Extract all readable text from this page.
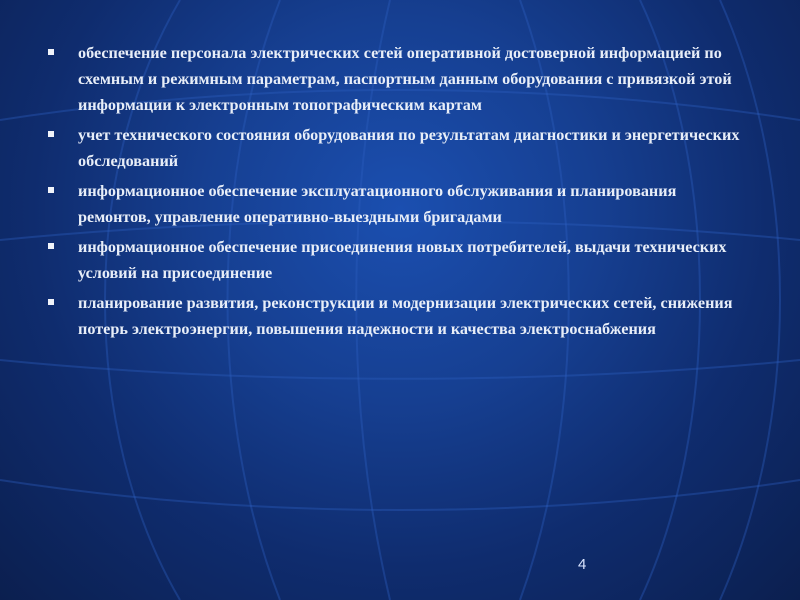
обеспечение персонала электрических сетей оперативной достоверной информацией по схемным и режимным параметрам, паспортным данным оборудования с привязкой этой информации к электронным топографическим картам
учет технического состояния оборудования по результатам диагностики и энергетических обследований
информационное обеспечение эксплуатационного обслуживания и планирования ремонтов, управление оперативно-выездными бригадами
информационное обеспечение присоединения новых потребителей, выдачи технических условий на присоединение
планирование развития, реконструкции и модернизации электрических сетей, снижения потерь электроэнергии, повышения надежности и качества электроснабжения
4
